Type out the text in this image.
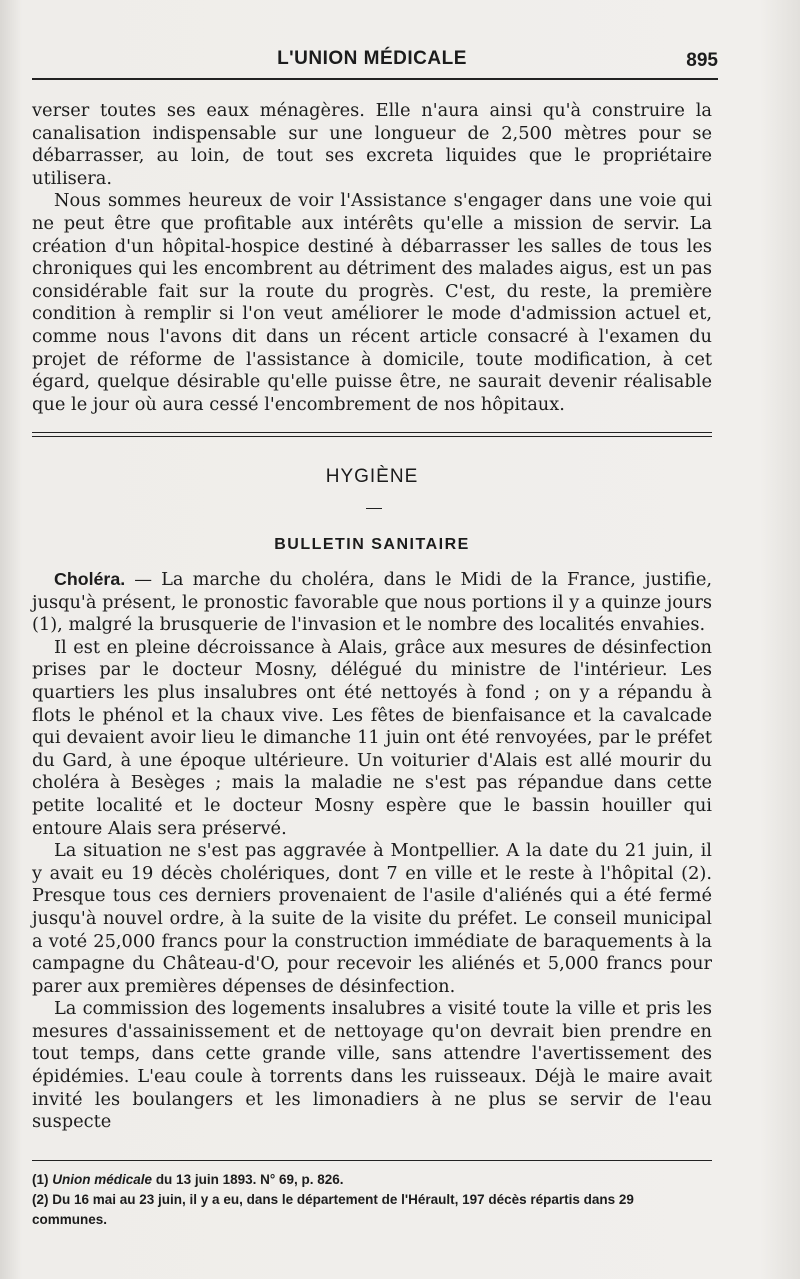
L'UNION MÉDICALE	895

verser toutes ses eaux ménagères. Elle n'aura ainsi qu'à construire la canalisation indispensable sur une longueur de 2,500 mètres pour se débarrasser, au loin, de tout ses excreta liquides que le propriétaire utilisera.

Nous sommes heureux de voir l'Assistance s'engager dans une voie qui ne peut être que profitable aux intérêts qu'elle a mission de servir. La création d'un hôpital-hospice destiné à débarrasser les salles de tous les chroniques qui les encombrent au détriment des malades aigus, est un pas considérable fait sur la route du progrès. C'est, du reste, la première condition à remplir si l'on veut améliorer le mode d'admission actuel et, comme nous l'avons dit dans un récent article consacré à l'examen du projet de réforme de l'assistance à domicile, toute modification, à cet égard, quelque désirable qu'elle puisse être, ne saurait devenir réalisable que le jour où aura cessé l'encombrement de nos hôpitaux.

HYGIÈNE
BULLETIN SANITAIRE

Choléra. — La marche du choléra, dans le Midi de la France, justifie, jusqu'à présent, le pronostic favorable que nous portions il y a quinze jours (1), malgré la brusquerie de l'invasion et le nombre des localités envahies.

Il est en pleine décroissance à Alais, grâce aux mesures de désinfection prises par le docteur Mosny, délégué du ministre de l'intérieur. Les quartiers les plus insalubres ont été nettoyés à fond ; on y a répandu à flots le phénol et la chaux vive. Les fêtes de bienfaisance et la cavalcade qui devaient avoir lieu le dimanche 11 juin ont été renvoyées, par le préfet du Gard, à une époque ultérieure. Un voiturier d'Alais est allé mourir du choléra à Besèges ; mais la maladie ne s'est pas répandue dans cette petite localité et le docteur Mosny espère que le bassin houiller qui entoure Alais sera préservé.

La situation ne s'est pas aggravée à Montpellier. A la date du 21 juin, il y avait eu 19 décès cholériques, dont 7 en ville et le reste à l'hôpital (2). Presque tous ces derniers provenaient de l'asile d'aliénés qui a été fermé jusqu'à nouvel ordre, à la suite de la visite du préfet. Le conseil municipal a voté 25,000 francs pour la construction immédiate de baraquements à la campagne du Château-d'O, pour recevoir les aliénés et 5,000 francs pour parer aux premières dépenses de désinfection.

La commission des logements insalubres a visité toute la ville et pris les mesures d'assainissement et de nettoyage qu'on devrait bien prendre en tout temps, dans cette grande ville, sans attendre l'avertissement des épidémies. L'eau coule à torrents dans les ruisseaux. Déjà le maire avait invité les boulangers et les limonadiers à ne plus se servir de l'eau suspecte

(1) Union médicale du 13 juin 1893. N° 69, p. 826.

(2) Du 16 mai au 23 juin, il y a eu, dans le département de l'Hérault, 197 décès répartis dans 29 communes.
